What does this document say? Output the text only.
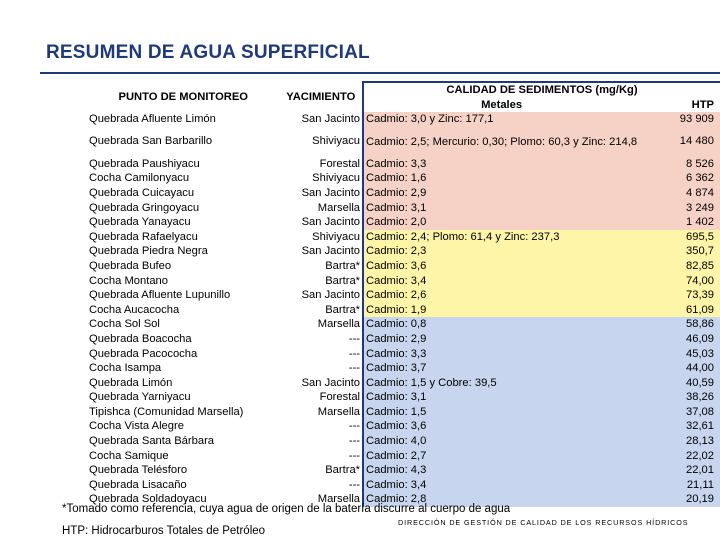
RESUMEN DE AGUA SUPERFICIAL
PUNTO DE MONITOREO	YACIMIENTO	CALIDAD DE SEDIMENTOS (mg/Kg)	
		Metales	HTP
Quebrada Afluente Limón	San Jacinto	Cadmio: 3,0 y Zinc: 177,1	93 909
Quebrada San Barbarillo	Shiviyacu	Cadmio: 2,5; Mercurio: 0,30; Plomo: 60,3 y Zinc: 214,8	14 480
Quebrada Paushiyacu	Forestal	Cadmio: 3,3	8 526
Cocha Camilonyacu	Shiviyacu	Cadmio: 1,6	6 362
Quebrada Cuicayacu	San Jacinto	Cadmio: 2,9	4 874
Quebrada Gringoyacu	Marsella	Cadmio: 3,1	3 249
Quebrada Yanayacu	San Jacinto	Cadmio: 2,0	1 402
Quebrada Rafaelyacu	Shiviyacu	Cadmio: 2,4; Plomo: 61,4 y Zinc: 237,3	695,5
Quebrada Piedra Negra	San Jacinto	Cadmio: 2,3	350,7
Quebrada Bufeo	Bartra*	Cadmio: 3,6	82,85
Cocha Montano	Bartra*	Cadmio: 3,4	74,00
Quebrada Afluente Lupunillo	San Jacinto	Cadmio: 2,6	73,39
Cocha Aucacocha	Bartra*	Cadmio: 1,9	61,09
Cocha Sol Sol	Marsella	Cadmio: 0,8	58,86
Quebrada Boacocha	---	Cadmio: 2,9	46,09
Quebrada Pacococha	---	Cadmio: 3,3	45,03
Cocha Isampa	---	Cadmio: 3,7	44,00
Quebrada Limón	San Jacinto	Cadmio: 1,5 y Cobre: 39,5	40,59
Quebrada Yarniyacu	Forestal	Cadmio: 3,1	38,26
Tipishca (Comunidad Marsella)	Marsella	Cadmio: 1,5	37,08
Cocha Vista Alegre	---	Cadmio: 3,6	32,61
Quebrada Santa Bárbara	---	Cadmio: 4,0	28,13
Cocha Samique	---	Cadmio: 2,7	22,02
Quebrada Telésforo	Bartra*	Cadmio: 4,3	22,01
Quebrada Lisacaño	---	Cadmio: 3,4	21,11
Quebrada Soldadoyacu	Marsella	Cadmio: 2,8	20,19
*Tomado como referencia, cuya agua de origen de la batería discurre al cuerpo de agua
DIRECCIÓN DE GESTIÓN DE CALIDAD DE LOS RECURSOS HÍDRICOS
HTP: Hidrocarburos Totales de Petróleo
